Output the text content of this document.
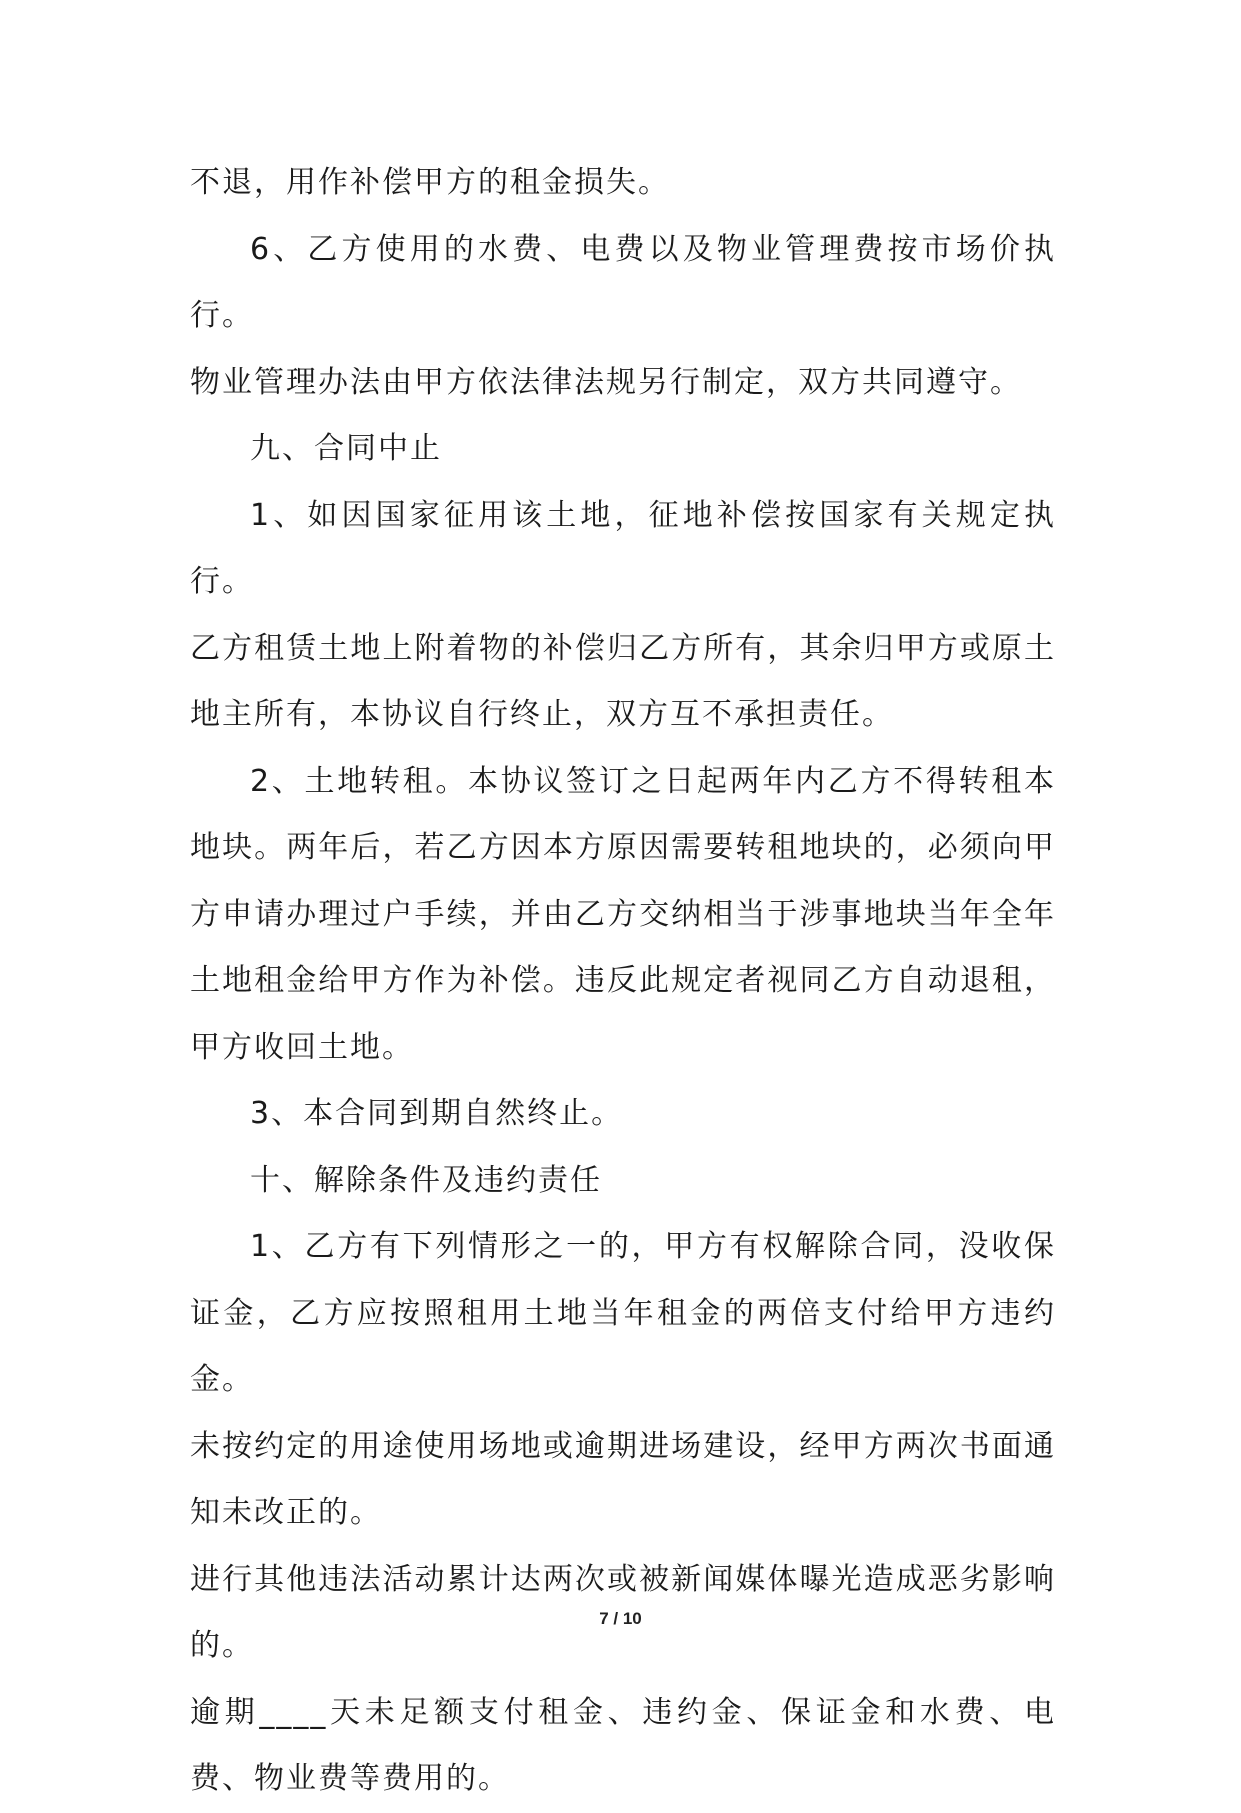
不退，用作补偿甲方的租金损失。

6、乙方使用的水费、电费以及物业管理费按市场价执行。

物业管理办法由甲方依法律法规另行制定，双方共同遵守。

九、合同中止

1、如因国家征用该土地，征地补偿按国家有关规定执行。

乙方租赁土地上附着物的补偿归乙方所有，其余归甲方或原土地主所有，本协议自行终止，双方互不承担责任。

2、土地转租。本协议签订之日起两年内乙方不得转租本地块。两年后，若乙方因本方原因需要转租地块的，必须向甲方申请办理过户手续，并由乙方交纳相当于涉事地块当年全年土地租金给甲方作为补偿。违反此规定者视同乙方自动退租，甲方收回土地。

3、本合同到期自然终止。

十、解除条件及违约责任

1、乙方有下列情形之一的，甲方有权解除合同，没收保证金，乙方应按照租用土地当年租金的两倍支付给甲方违约金。

未按约定的用途使用场地或逾期进场建设，经甲方两次书面通知未改正的。

进行其他违法活动累计达两次或被新闻媒体曝光造成恶劣影响的。

逾期____天未足额支付租金、违约金、保证金和水费、电费、物业费等费用的。

7 / 10
